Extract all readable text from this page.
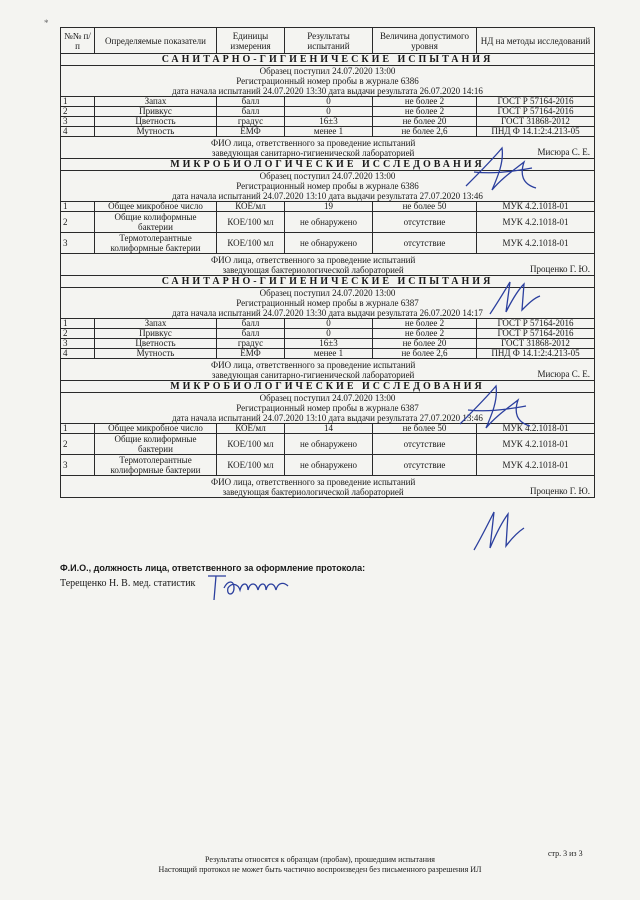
*
№№ п/п	Определяемые показатели	Единицы измерения	Результаты испытаний	Величина допустимого уровня	НД на методы исследований
САНИТАРНО-ГИГИЕНИЧЕСКИЕ ИСПЫТАНИЯ					

Образец поступил 24.07.2020 13:00
Регистрационный номер пробы в журнале 6386
дата начала испытаний 24.07.2020 13:30 дата выдачи результата 26.07.2020 14:16					

1	Запах	балл	0	не более 2	ГОСТ Р 57164-2016
2	Привкус	балл	0	не более 2	ГОСТ Р 57164-2016
3	Цветность	градус	16±3	не более 20	ГОСТ 31868-2012
4	Мутность	ЕМФ	менее 1	не более 2,6	ПНД Ф 14.1:2:4.213-05

ФИО лица, ответственного за проведение испытаний
заведующая санитарно-гигиенической лабораторией Мисюра С. Е.					

МИКРОБИОЛОГИЧЕСКИЕ ИССЛЕДОВАНИЯ					

Образец поступил 24.07.2020 13:00
Регистрационный номер пробы в журнале 6386
дата начала испытаний 24.07.2020 13:10 дата выдачи результата 27.07.2020 13:46					

1	Общее микробное число	КОЕ/мл	19	не более 50	МУК 4.2.1018-01
2	Общие колиформные бактерии	КОЕ/100 мл	не обнаружено	отсутствие	МУК 4.2.1018-01
3	Термотолерантные колиформные бактерии	КОЕ/100 мл	не обнаружено	отсутствие	МУК 4.2.1018-01

ФИО лица, ответственного за проведение испытаний
заведующая бактериологической лабораторией Проценко Г. Ю.					

САНИТАРНО-ГИГИЕНИЧЕСКИЕ ИСПЫТАНИЯ					

Образец поступил 24.07.2020 13:00
Регистрационный номер пробы в журнале 6387
дата начала испытаний 24.07.2020 13:30 дата выдачи результата 26.07.2020 14:17					

1	Запах	балл	0	не более 2	ГОСТ Р 57164-2016
2	Привкус	балл	0	не более 2	ГОСТ Р 57164-2016
3	Цветность	градус	16±3	не более 20	ГОСТ 31868-2012
4	Мутность	ЕМФ	менее 1	не более 2,6	ПНД Ф 14.1:2:4.213-05

ФИО лица, ответственного за проведение испытаний
заведующая санитарно-гигиенической лабораторией Мисюра С. Е.					

МИКРОБИОЛОГИЧЕСКИЕ ИССЛЕДОВАНИЯ					

Образец поступил 24.07.2020 13:00
Регистрационный номер пробы в журнале 6387
дата начала испытаний 24.07.2020 13:10 дата выдачи результата 27.07.2020 13:46					

1	Общее микробное число	КОЕ/мл	14	не более 50	МУК 4.2.1018-01
2	Общие колиформные бактерии	КОЕ/100 мл	не обнаружено	отсутствие	МУК 4.2.1018-01
3	Термотолерантные колиформные бактерии	КОЕ/100 мл	не обнаружено	отсутствие	МУК 4.2.1018-01

ФИО лица, ответственного за проведение испытаний
заведующая бактериологической лабораторией Проценко Г. Ю.					
Ф.И.О., должность лица, ответственного за оформление протокола:
Терещенко Н. В. мед. статистик
стр. 3 из 3
Результаты относятся к образцам (пробам), прошедшим испытания
Настоящий протокол не может быть частично воспроизведен без письменного разрешения ИЛ
